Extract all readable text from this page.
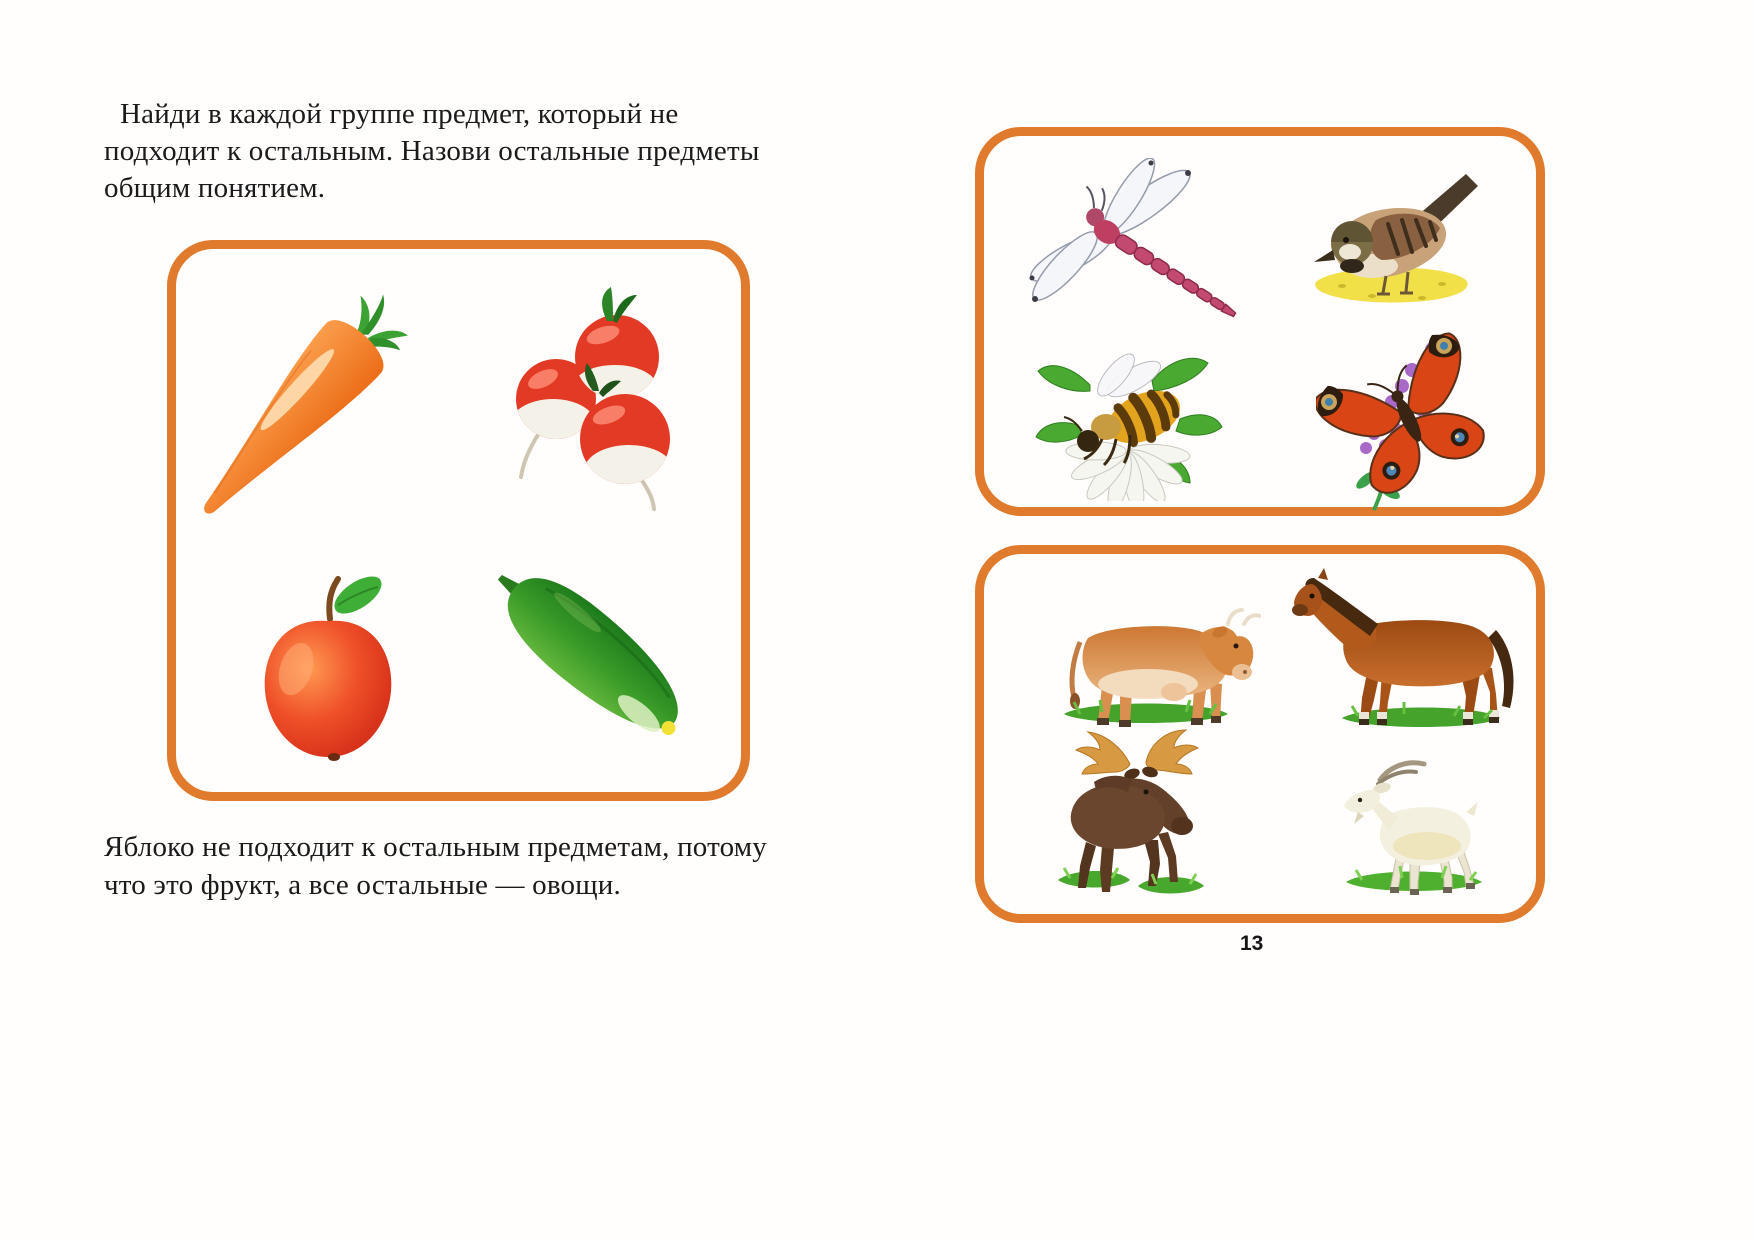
Найди в каждой группе предмет, который не
подходит к остальным. Назови остальные предметы
общим понятием.
Яблоко не подходит к остальным предметам, потому
что это фрукт, а все остальные — овощи.
13
